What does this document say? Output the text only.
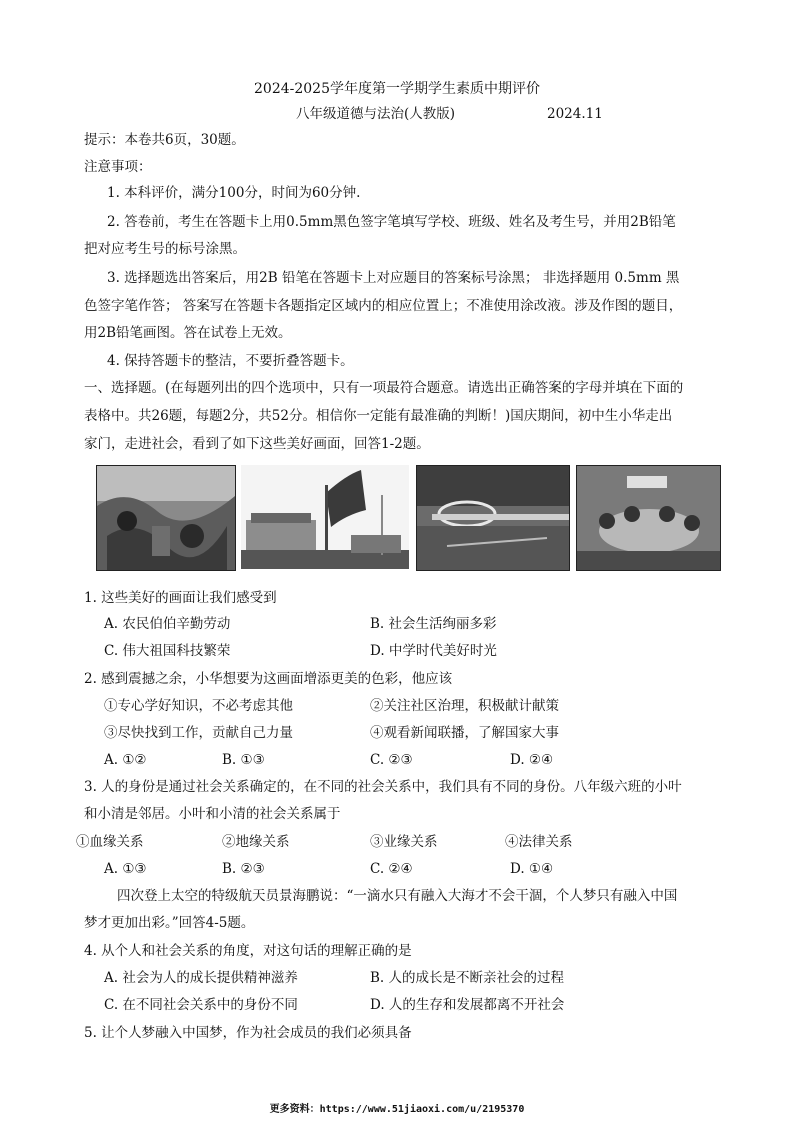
2024-2025学年度第一学期学生素质中期评价
八年级道德与法治(人教版)	2024.11
提示：本卷共6页，30题。
注意事项：
1. 本科评价，满分100分，时间为60分钟.
2. 答卷前，考生在答题卡上用0.5mm黑色签字笔填写学校、班级、姓名及考生号，并用2B铅笔
把对应考生号的标号涂黑。
3. 选择题选出答案后，用2B 铅笔在答题卡上对应题目的答案标号涂黑； 非选择题用 0.5mm 黑
色签字笔作答； 答案写在答题卡各题指定区域内的相应位置上；不准使用涂改液。涉及作图的题目，
用2B铅笔画图。答在试卷上无效。
4. 保持答题卡的整洁，不要折叠答题卡。
一、选择题。(在每题列出的四个选项中，只有一项最符合题意。请选出正确答案的字母并填在下面的
表格中。共26题，每题2分，共52分。相信你一定能有最准确的判断！)国庆期间，初中生小华走出
家门，走进社会，看到了如下这些美好画面，回答1-2题。
1. 这些美好的画面让我们感受到
A. 农民伯伯辛勤劳动	B. 社会生活绚丽多彩
C. 伟大祖国科技繁荣	D. 中学时代美好时光
2. 感到震撼之余，小华想要为这画面增添更美的色彩，他应该
①专心学好知识，不必考虑其他	②关注社区治理，积极献计献策
③尽快找到工作，贡献自己力量	④观看新闻联播，了解国家大事
A. ①②	B. ①③	C. ②③	D. ②④
3. 人的身份是通过社会关系确定的，在不同的社会关系中，我们具有不同的身份。八年级六班的小叶
和小清是邻居。小叶和小清的社会关系属于
①血缘关系	②地缘关系	③业缘关系	④法律关系
A. ①③	B. ②③	C. ②④	D. ①④
四次登上太空的特级航天员景海鹏说：“一滴水只有融入大海才不会干涸，个人梦只有融入中国
梦才更加出彩。”回答4-5题。
4. 从个人和社会关系的角度，对这句话的理解正确的是
A. 社会为人的成长提供精神滋养	B. 人的成长是不断亲社会的过程
C. 在不同社会关系中的身份不同	D. 人的生存和发展都离不开社会
5. 让个人梦融入中国梦，作为社会成员的我们必须具备
更多资料：https://www.51jiaoxi.com/u/2195370
